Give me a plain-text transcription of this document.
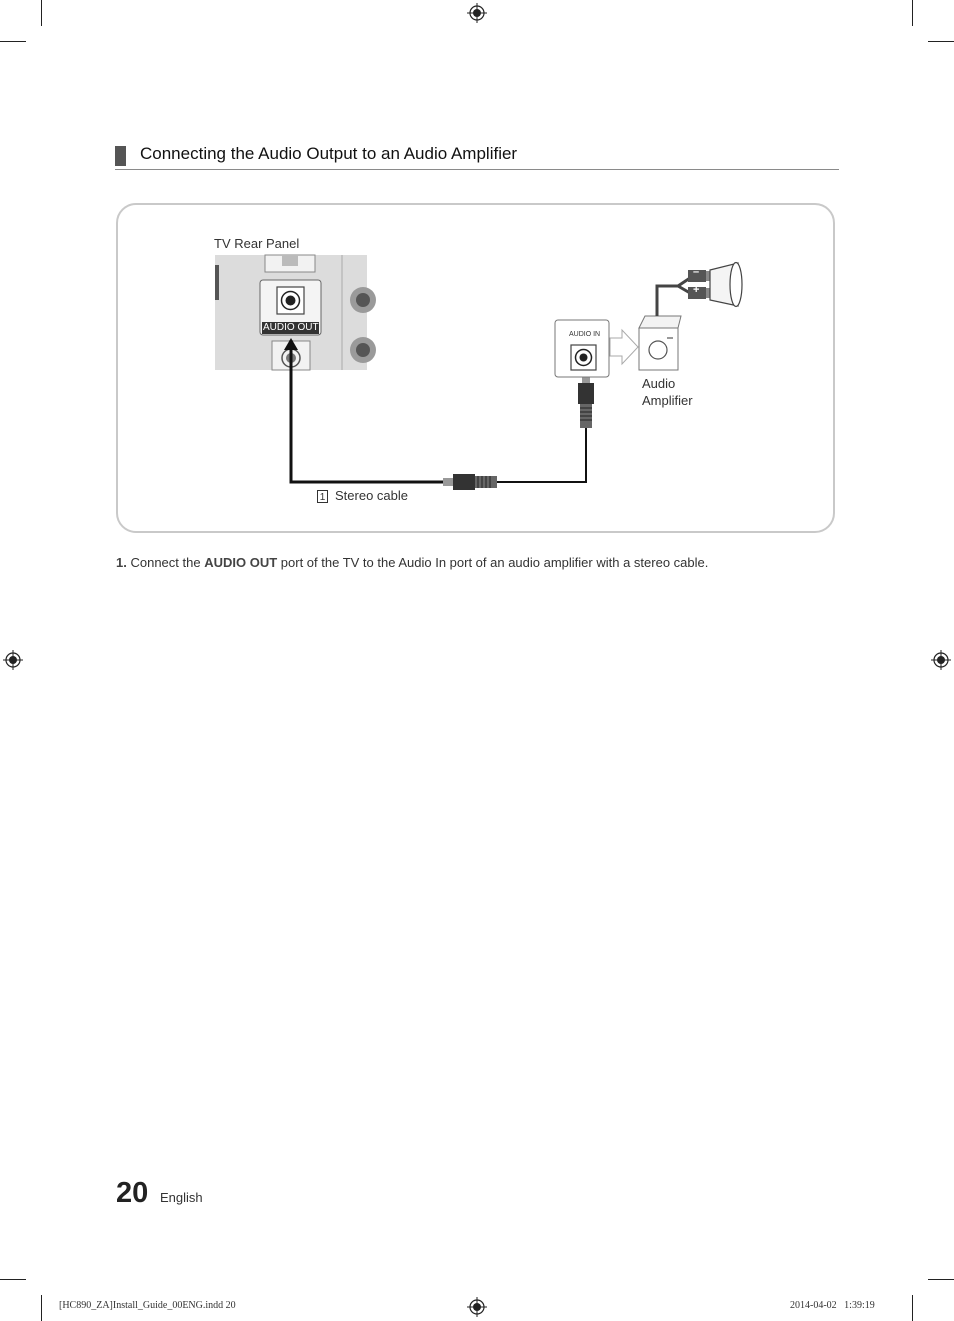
Connecting the Audio Output to an Audio Amplifier
–
+
AUDIO OUT
AUDIO IN
TV Rear Panel
Audio
Amplifier
1 Stereo cable
1. Connect the AUDIO OUT port of the TV to the Audio In port of an audio amplifier with a stereo cable.
20 English
[HC890_ZA]Install_Guide_00ENG.indd 20	2014-04-02   1:39:19
